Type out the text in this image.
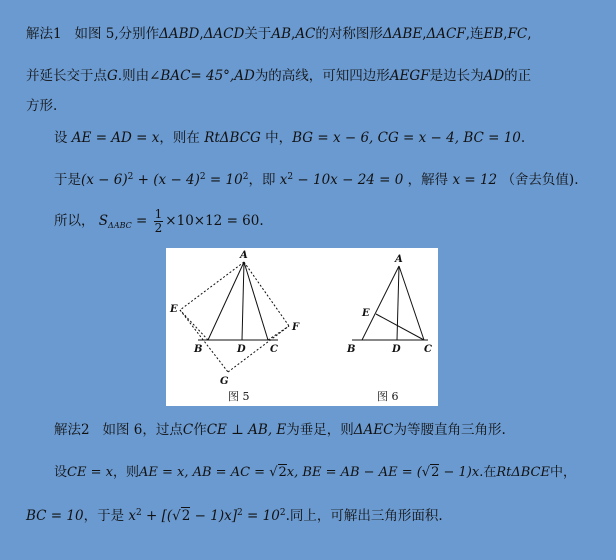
解法1 如图 5,分别作ΔABD,ΔACD关于AB,AC的对称图形ΔABE,ΔACF,连EB,FC,
并延长交于点G.则由∠BAC= 45°,AD为的高线，可知四边形AEGF是边长为AD的正
方形.
设 AE = AD = x，则在 RtΔBCG 中，BG = x − 6, CG = x − 4, BC = 10.
于是$(x - 6)^2 + (x - 4)^2 = 10^2$，即 $x^2 - 10x - 24 = 0$ ，解得 x = 12 （舍去负值).
所以， $S_{\Delta ABC} = \frac{1}{2} \times 10\times 12 = 60$.
A
B	D C
E
F
G
图 5
A
B	D C
E
图 6
解法2 如图 6，过点C作CE ⊥ AB, E为垂足，则ΔAEC为等腰直角三角形.
设CE = x，则AE = x, AB = AC = √2x, BE = AB − AE = (√2 − 1)x.在RtΔBCE中，
BC = 10，于是 $x^2 + [(√2 - 1)x]^2 = 10^2$.同上，可解出三角形面积.
